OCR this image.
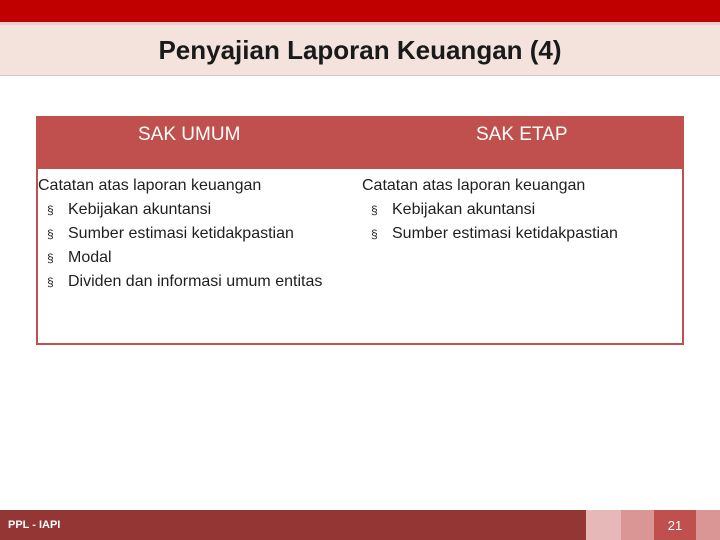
Penyajian Laporan Keuangan (4)
SAK UMUM	SAK ETAP
Catatan atas laporan keuangan
§ Kebijakan akuntansi
§ Sumber estimasi ketidakpastian
§ Modal
§ Dividen dan informasi umum entitas
Catatan atas laporan keuangan
§ Kebijakan akuntansi
§ Sumber estimasi ketidakpastian
PPL - IAPI	21
